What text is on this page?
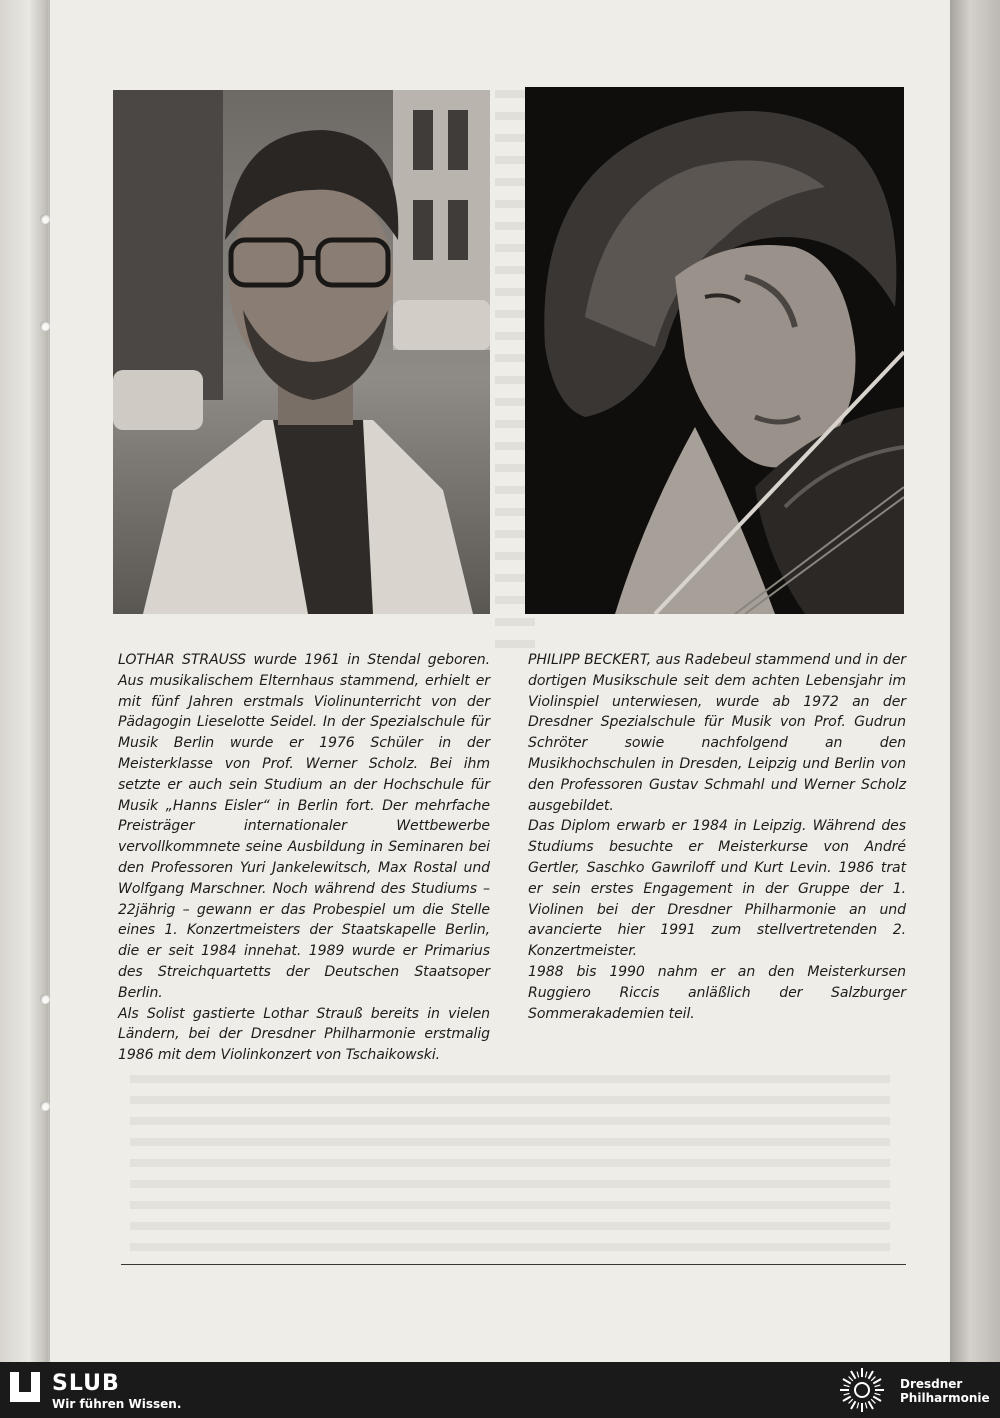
LOTHAR STRAUSS wurde 1961 in Stendal geboren. Aus musikalischem Elternhaus stammend, erhielt er mit fünf Jahren erstmals Violinunterricht von der Pädagogin Lieselotte Seidel. In der Spezialschule für Musik Berlin wurde er 1976 Schüler in der Meisterklasse von Prof. Werner Scholz. Bei ihm setzte er auch sein Studium an der Hochschule für Musik „Hanns Eisler“ in Berlin fort. Der mehrfache Preisträger internationaler Wettbewerbe vervollkommnete seine Ausbildung in Seminaren bei den Professoren Yuri Jankelewitsch, Max Rostal und Wolfgang Marschner. Noch während des Studiums – 22jährig – gewann er das Probespiel um die Stelle eines 1. Konzertmeisters der Staatskapelle Berlin, die er seit 1984 innehat. 1989 wurde er Primarius des Streichquartetts der Deutschen Staatsoper Berlin.

Als Solist gastierte Lothar Strauß bereits in vielen Ländern, bei der Dresdner Philharmonie erstmalig 1986 mit dem Violinkonzert von Tschaikowski.

PHILIPP BECKERT, aus Radebeul stammend und in der dortigen Musikschule seit dem achten Lebensjahr im Violinspiel unterwiesen, wurde ab 1972 an der Dresdner Spezialschule für Musik von Prof. Gudrun Schröter sowie nachfolgend an den Musikhochschulen in Dresden, Leipzig und Berlin von den Professoren Gustav Schmahl und Werner Scholz ausgebildet.

Das Diplom erwarb er 1984 in Leipzig. Während des Studiums besuchte er Meisterkurse von André Gertler, Saschko Gawriloff und Kurt Levin. 1986 trat er sein erstes Engagement in der Gruppe der 1. Violinen bei der Dresdner Philharmonie an und avancierte hier 1991 zum stellvertretenden 2. Konzertmeister.

1988 bis 1990 nahm er an den Meisterkursen Ruggiero Riccis anläßlich der Salzburger Sommerakademien teil.

SLUB
Wir führen Wissen.
Dresdner
Philharmonie
